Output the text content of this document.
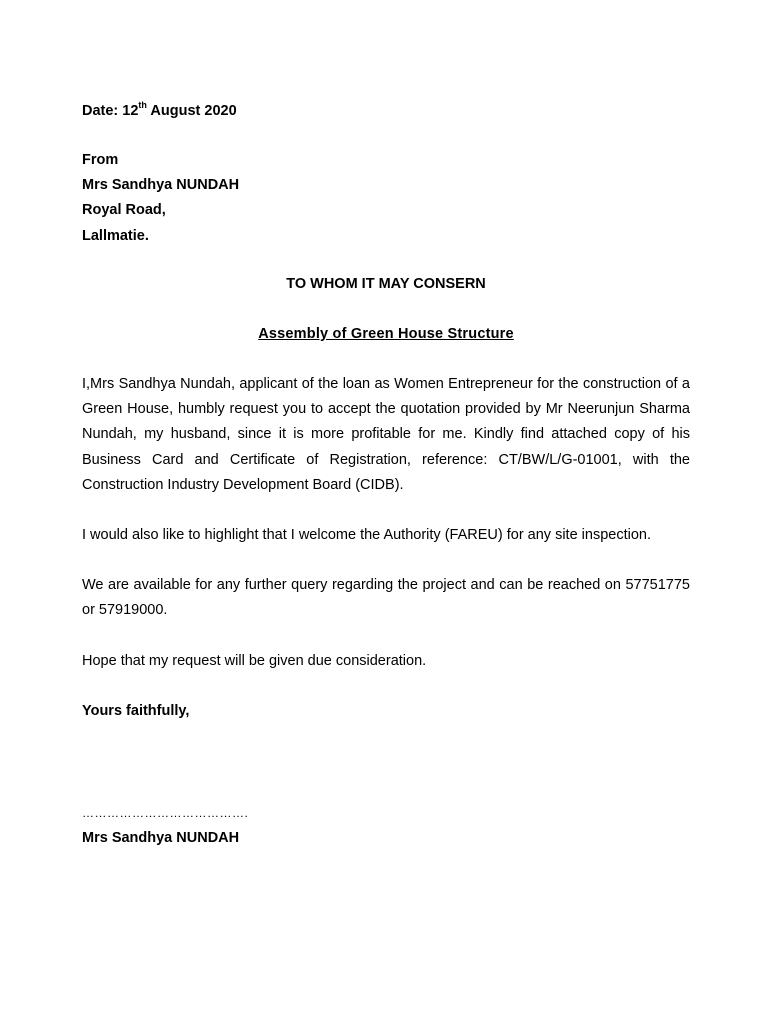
Date: 12th August 2020
From
Mrs Sandhya NUNDAH
Royal Road,
Lallmatie.
TO WHOM IT MAY CONSERN
Assembly of Green House Structure
I,Mrs Sandhya Nundah, applicant of the loan as Women Entrepreneur for the construction of a Green House, humbly request you to accept the quotation provided by Mr Neerunjun Sharma Nundah, my husband, since it is more profitable for me. Kindly find attached copy of his Business Card and Certificate of Registration, reference: CT/BW/L/G-01001, with the Construction Industry Development Board (CIDB).
I would also like to highlight that I welcome the Authority (FAREU) for any site inspection.
We are available for any further query regarding the project and can be reached on 57751775 or 57919000.
Hope that my request will be given due consideration.
Yours faithfully,
………………………………….
Mrs Sandhya NUNDAH
